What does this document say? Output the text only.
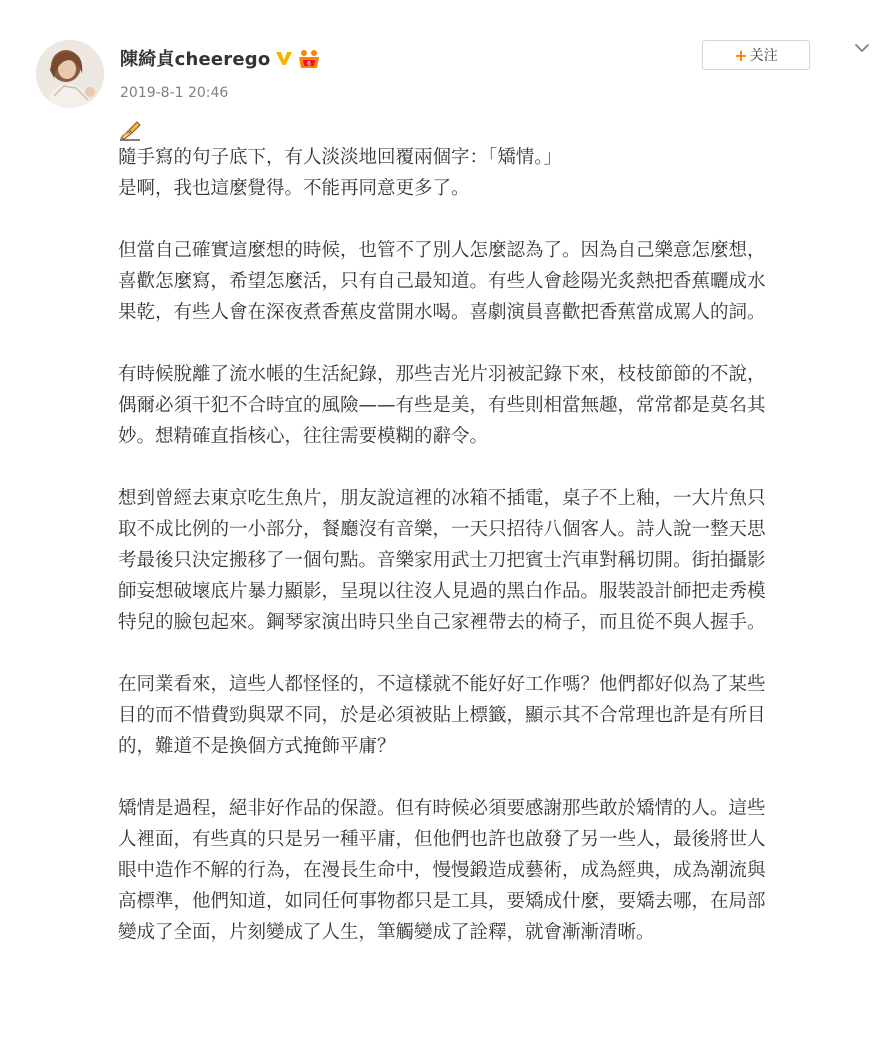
陳綺貞cheerego	6
2019-8-1 20:46
+ 关注
隨手寫的句子底下，有人淡淡地回覆兩個字：「矯情。」
是啊，我也這麼覺得。不能再同意更多了。
但當自己確實這麼想的時候，也管不了別人怎麼認為了。因為自己樂意怎麼想，
喜歡怎麼寫，希望怎麼活，只有自己最知道。有些人會趁陽光炙熱把香蕉曬成水
果乾，有些人會在深夜煮香蕉皮當開水喝。喜劇演員喜歡把香蕉當成罵人的詞。
有時候脫離了流水帳的生活紀錄，那些吉光片羽被記錄下來，枝枝節節的不說，
偶爾必須干犯不合時宜的風險——有些是美，有些則相當無趣，常常都是莫名其
妙。想精確直指核心，往往需要模糊的辭令。
想到曾經去東京吃生魚片，朋友說這裡的冰箱不插電，桌子不上釉，一大片魚只
取不成比例的一小部分，餐廳沒有音樂，一天只招待八個客人。詩人說一整天思
考最後只決定搬移了一個句點。音樂家用武士刀把賓士汽車對稱切開。街拍攝影
師妄想破壞底片暴力顯影，呈現以往沒人見過的黑白作品。服裝設計師把走秀模
特兒的臉包起來。鋼琴家演出時只坐自己家裡帶去的椅子，而且從不與人握手。
在同業看來，這些人都怪怪的，不這樣就不能好好工作嗎？他們都好似為了某些
目的而不惜費勁與眾不同，於是必須被貼上標籤，顯示其不合常理也許是有所目
的，難道不是換個方式掩飾平庸？
矯情是過程，絕非好作品的保證。但有時候必須要感謝那些敢於矯情的人。這些
人裡面，有些真的只是另一種平庸，但他們也許也啟發了另一些人，最後將世人
眼中造作不解的行為，在漫長生命中，慢慢鍛造成藝術，成為經典，成為潮流與
高標準，他們知道，如同任何事物都只是工具，要矯成什麼，要矯去哪，在局部
變成了全面，片刻變成了人生，筆觸變成了詮釋，就會漸漸清晰。
